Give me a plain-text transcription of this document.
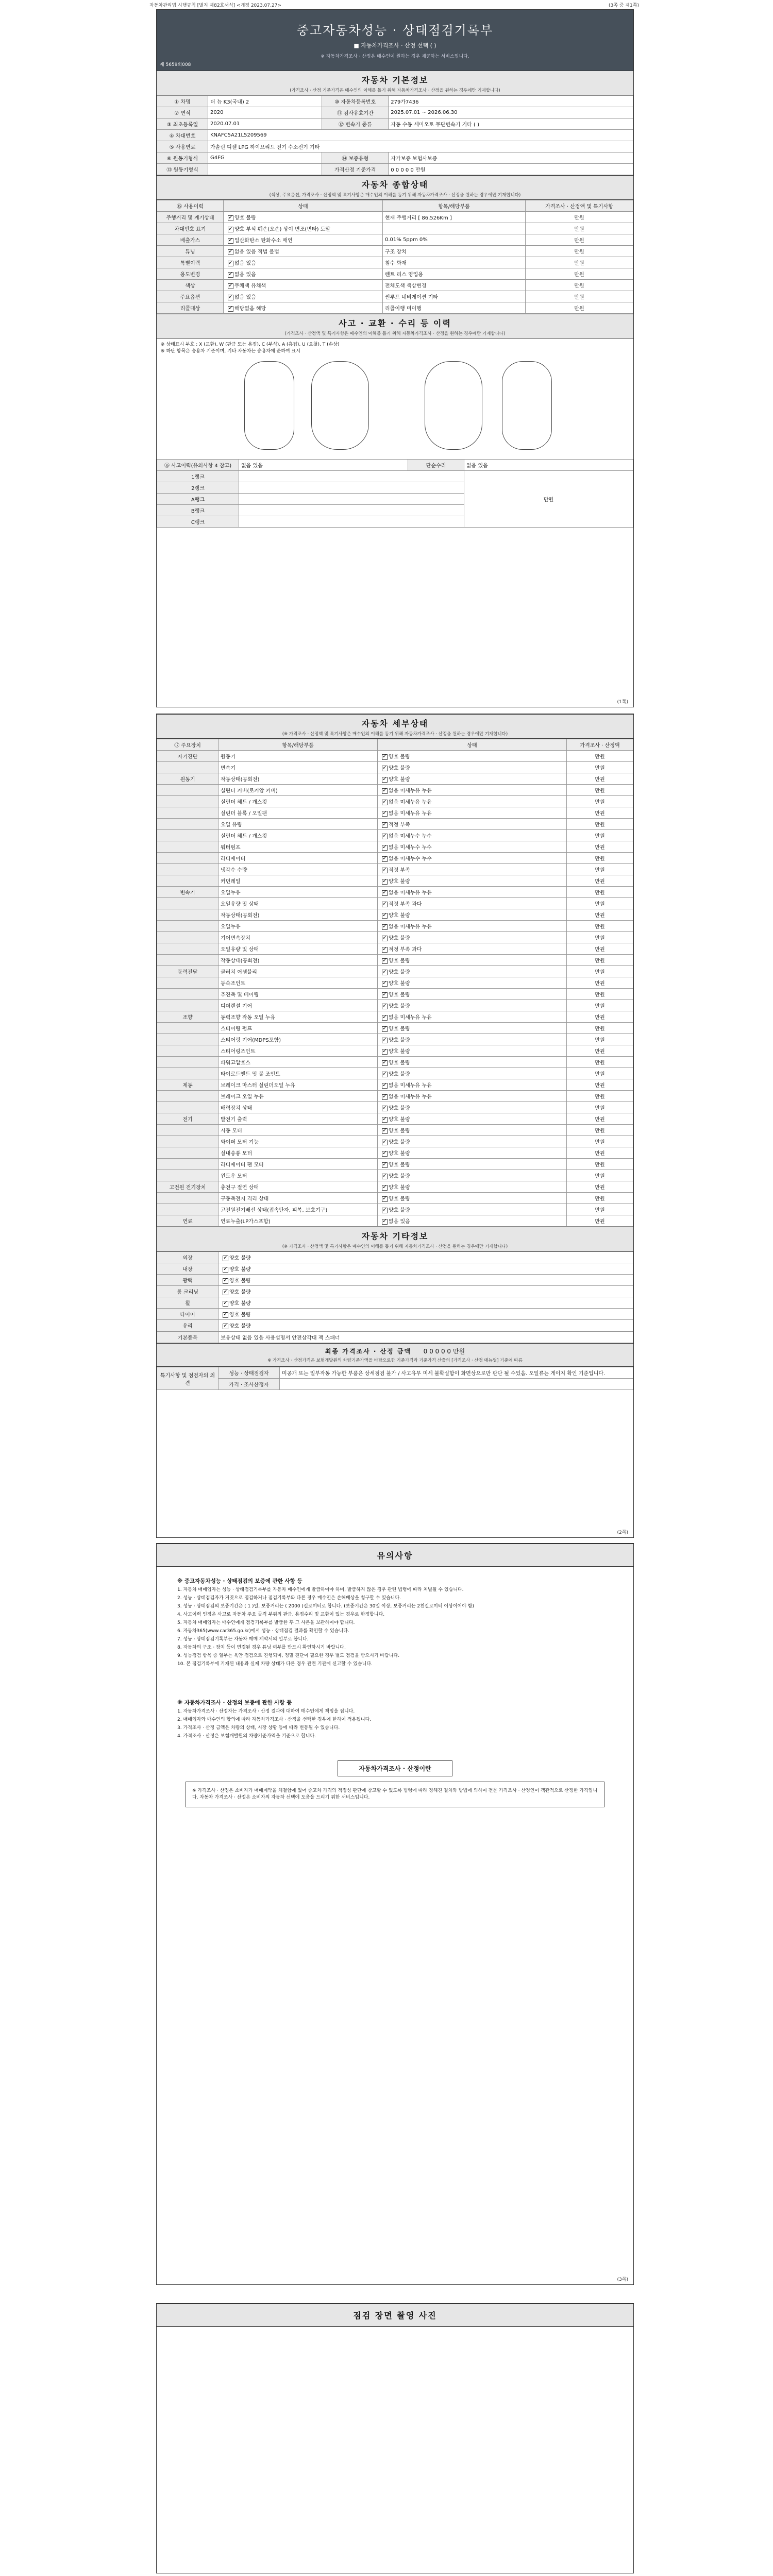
자동차관리법 시행규칙 [별지 제82호서식] <개정 2023.07.27>	(3쪽 중 제1쪽)
중고자동차성능 · 상태점검기록부
■ 자동차가격조사 · 산정 선택 ( )
※ 자동차가격조사 · 산정은 매수인이 원하는 경우 제공하는 서비스입니다.
제 5659회008
자동차 기본정보
(가격조사 · 산정 기준가격은 매수인의 이해를 돕기 위해 자동차가격조사 · 산정을 원하는 경우에만 기재합니다)
① 차명	더 뉴 K3(국내) 2	⑩ 자동차등록번호	279가7436
② 연식	2020	⑪ 검사유효기간	2025.07.01 ~ 2026.06.30
③ 최초등록일	2020.07.01	⑫ 변속기 종류	자동 수동 세미오토 무단변속기 기타 ( )
④ 차대번호	KNAFC5A21L5209569		
⑤ 사용연료	가솔린 디젤 LPG 하이브리드 전기 수소전기 기타		
⑥ 원동기형식	G4FG	⑭ 보증유형	자가보증 보험사보증
⑬ 원동기형식		가격산정 기준가격	0 0 0 0 0 만원
자동차 종합상태
(색상, 주요옵션, 가격조사 · 산정액 및 특기사항은 매수인의 이해를 돕기 위해 자동차가격조사 · 산정을 원하는 경우에만 기재합니다)
⑮ 사용이력	상태	항목/해당부품	가격조사 · 산정액 및 특기사항
주행거리 및 계기상태	✓양호 불량	현재 주행거리 [ 86,526Km ]	만원
차대번호 표기	✓양호 부식 훼손(오손) 상이 변조(변타) 도말		만원
배출가스	✓일산화탄소 탄화수소 매연	0.01% 5ppm 0%	만원
튜닝	✓없음 있음 적법 불법	구조 장치	만원
특별이력	✓없음 있음	침수 화재	만원
용도변경	✓없음 있음	렌트 리스 영업용	만원
색상	✓무채색 유채색	전체도색 색상변경	만원
주요옵션	✓없음 있음	썬루프 네비게이션 기타	만원
리콜대상	✓해당없음 해당	리콜이행 미이행	만원
사고 · 교환 · 수리 등 이력
(가격조사 · 산정액 및 특기사항은 매수인의 이해를 돕기 위해 자동차가격조사 · 산정을 원하는 경우에만 기재합니다)
※ 상태표시 부호 : X (교환), W (판금 또는 용접), C (부식), A (흠집), U (요철), T (손상)
※ 하단 항목은 승용차 기준이며, 기타 자동차는 승용차에 준하여 표시
⑯ 사고이력(유의사항 4 참고)	없음 있음	단순수리	없음 있음
1랭크			만원
2랭크			
A랭크			
B랭크			
C랭크			
(1쪽)
자동차 세부상태
(※ 가격조사 · 산정액 및 특기사항은 매수인의 이해를 돕기 위해 자동차가격조사 · 산정을 원하는 경우에만 기재합니다)
⑰ 주요장치	항목/해당부품	상태	가격조사 · 산정액
자기진단	원동기	✓양호 불량	만원
	변속기	✓양호 불량	만원
원동기	작동상태(공회전)	✓양호 불량	만원
	실린더 커버(로커암 커버)	✓없음 미세누유 누유	만원
	실린더 헤드 / 개스킷	✓없음 미세누유 누유	만원
	실린더 블록 / 오일팬	✓없음 미세누유 누유	만원
	오일 유량	✓적정 부족	만원
	실린더 헤드 / 개스킷	✓없음 미세누수 누수	만원
	워터펌프	✓없음 미세누수 누수	만원
	라디에이터	✓없음 미세누수 누수	만원
	냉각수 수량	✓적정 부족	만원
	커먼레일	✓양호 불량	만원
변속기	오일누유	✓없음 미세누유 누유	만원
	오일유량 및 상태	✓적정 부족 과다	만원
	작동상태(공회전)	✓양호 불량	만원
	오일누유	✓없음 미세누유 누유	만원
	기어변속장치	✓양호 불량	만원
	오일유량 및 상태	✓적정 부족 과다	만원
	작동상태(공회전)	✓양호 불량	만원
동력전달	클러치 어셈블리	✓양호 불량	만원
	등속조인트	✓양호 불량	만원
	추진축 및 베어링	✓양호 불량	만원
	디퍼렌셜 기어	✓양호 불량	만원
조향	동력조향 작동 오일 누유	✓없음 미세누유 누유	만원
	스티어링 펌프	✓양호 불량	만원
	스티어링 기어(MDPS포함)	✓양호 불량	만원
	스티어링조인트	✓양호 불량	만원
	파워고압호스	✓양호 불량	만원
	타이로드엔드 및 볼 조인트	✓양호 불량	만원
제동	브레이크 마스터 실린더오일 누유	✓없음 미세누유 누유	만원
	브레이크 오일 누유	✓없음 미세누유 누유	만원
	배력장치 상태	✓양호 불량	만원
전기	발전기 출력	✓양호 불량	만원
	시동 모터	✓양호 불량	만원
	와이퍼 모터 기능	✓양호 불량	만원
	실내송풍 모터	✓양호 불량	만원
	라디에이터 팬 모터	✓양호 불량	만원
	윈도우 모터	✓양호 불량	만원
고전원 전기장치	충전구 절연 상태	✓양호 불량	만원
	구동축전지 격리 상태	✓양호 불량	만원
	고전원전기배선 상태(접속단자, 피복, 보호기구)	✓양호 불량	만원
연료	연료누출(LP가스포함)	✓없음 있음	만원
자동차 기타정보
(※ 가격조사 · 산정액 및 특기사항은 매수인의 이해를 돕기 위해 자동차가격조사 · 산정을 원하는 경우에만 기재합니다)
외장	✓양호 불량
내장	✓양호 불량
광택	✓양호 불량
룸 크리닝	✓양호 불량
휠	✓양호 불량
타이어	✓양호 불량
유리	✓양호 불량
기본품목	보유상태 없음 있음 사용설명서 안전삼각대 잭 스패너
최종 가격조사 · 산정 금액 0 0 0 0 0 만원
※ 가격조사 · 산정가격은 보험개발원의 차량기준가액을 바탕으로한 기준가격과 기준가격 산출의 [가격조사 · 산정 매뉴얼] 기준에 따름
특기사항 및 점검자의 의견	성능 · 상태점검자	미공개 또는 일부작동 가능한 부품은 상세점검 불가 / 사고유무 미세 불확실함이 화면상으로만 판단 될 수있음. 오일류는 게이지 확인 기준입니다.
	가격 · 조사산정자	
(2쪽)
유의사항
※ 중고자동차성능 · 상태점검의 보증에 관한 사항 등

1. 자동차 매매업자는 성능 · 상태점검기록부를 자동차 매수인에게 발급하여야 하며, 발급하지 않은 경우 관련 법령에 따라 처벌될 수 있습니다.

2. 성능 · 상태점검자가 거짓으로 점검하거나 점검기록부와 다른 경우 매수인은 손해배상을 청구할 수 있습니다.

3. 성능 · 상태점검의 보증기간은 ( 1 )일, 보증거리는 ( 2000 )킬로미터로 합니다. (보증기간은 30일 이상, 보증거리는 2천킬로미터 이상이어야 함)

4. 사고이력 인정은 사고로 자동차 주요 골격 부위의 판금, 용접수리 및 교환이 있는 경우로 한정합니다.

5. 자동차 매매업자는 매수인에게 점검기록부를 발급한 후 그 사본을 보관하여야 합니다.

6. 자동차365(www.car365.go.kr)에서 성능 · 상태점검 결과를 확인할 수 있습니다.

7. 성능 · 상태점검기록부는 자동차 매매 계약서의 일부로 봅니다.

8. 자동차의 구조 · 장치 등이 변경된 경우 튜닝 여부를 반드시 확인하시기 바랍니다.

9. 성능점검 항목 중 일부는 육안 점검으로 진행되며, 정밀 진단이 필요한 경우 별도 점검을 받으시기 바랍니다.

10. 본 점검기록부에 기재된 내용과 실제 차량 상태가 다른 경우 관련 기관에 신고할 수 있습니다.

※ 자동차가격조사 · 산정의 보증에 관한 사항 등

1. 자동차가격조사 · 산정자는 가격조사 · 산정 결과에 대하여 매수인에게 책임을 집니다.

2. 매매업자와 매수인의 합의에 따라 자동차가격조사 · 산정을 선택한 경우에 한하여 적용됩니다.

3. 가격조사 · 산정 금액은 차량의 상태, 시장 상황 등에 따라 변동될 수 있습니다.

4. 가격조사 · 산정은 보험개발원의 차량기준가액을 기준으로 합니다.

자동차가격조사 · 산정이란

※ 가격조사 · 산정은 소비자가 매매계약을 체결함에 있어 중고차 가격의 적정성 판단에 참고할 수 있도록 법령에 따라 정해진 절차와 방법에 의하여 전문 가격조사 · 산정인이 객관적으로 산정한 가격입니다. 자동차 가격조사 · 산정은 소비자의 자동차 선택에 도움을 드리기 위한 서비스입니다.

(3쪽)
점검 장면 촬영 사진
